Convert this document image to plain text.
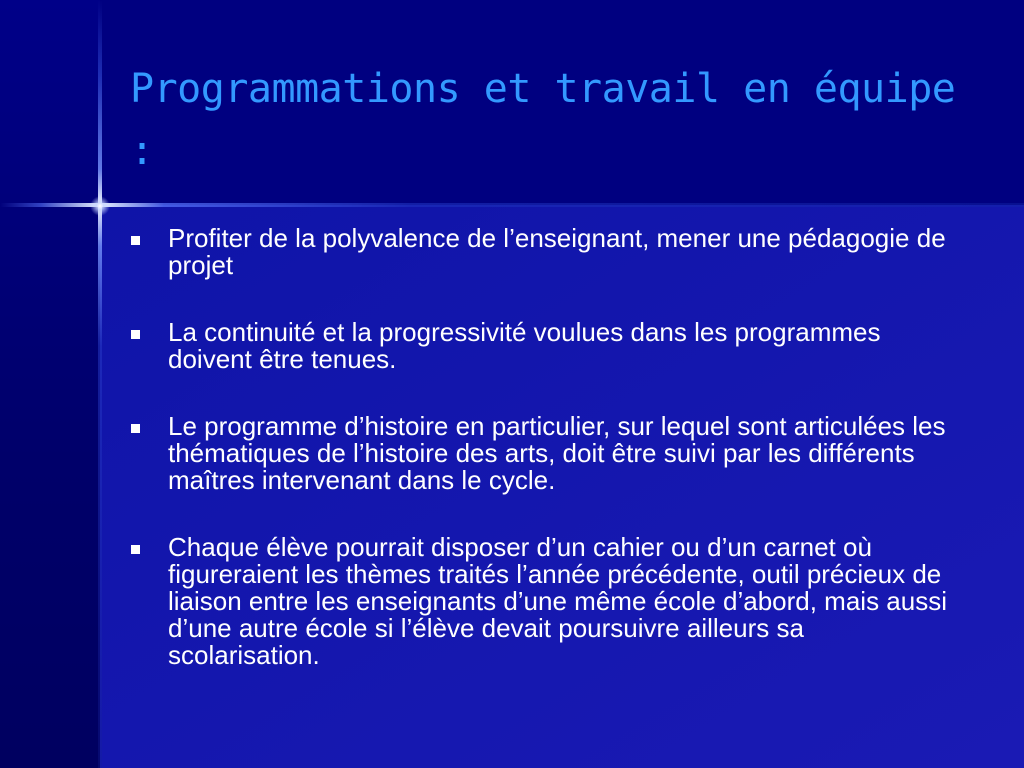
Programmations et travail en équipe :
Profiter de la polyvalence de l’enseignant, mener une pédagogie de projet
La continuité et la progressivité voulues dans les programmes doivent être tenues.
Le programme d’histoire en particulier, sur lequel sont articulées les thématiques de l’histoire des arts, doit être suivi par les différents maîtres intervenant dans le cycle.
Chaque élève pourrait disposer d’un cahier ou d’un carnet où figureraient les thèmes traités l’année précédente, outil précieux de liaison entre les enseignants d’une même école d’abord, mais aussi d’une autre école si l’élève devait poursuivre ailleurs sa scolarisation.
